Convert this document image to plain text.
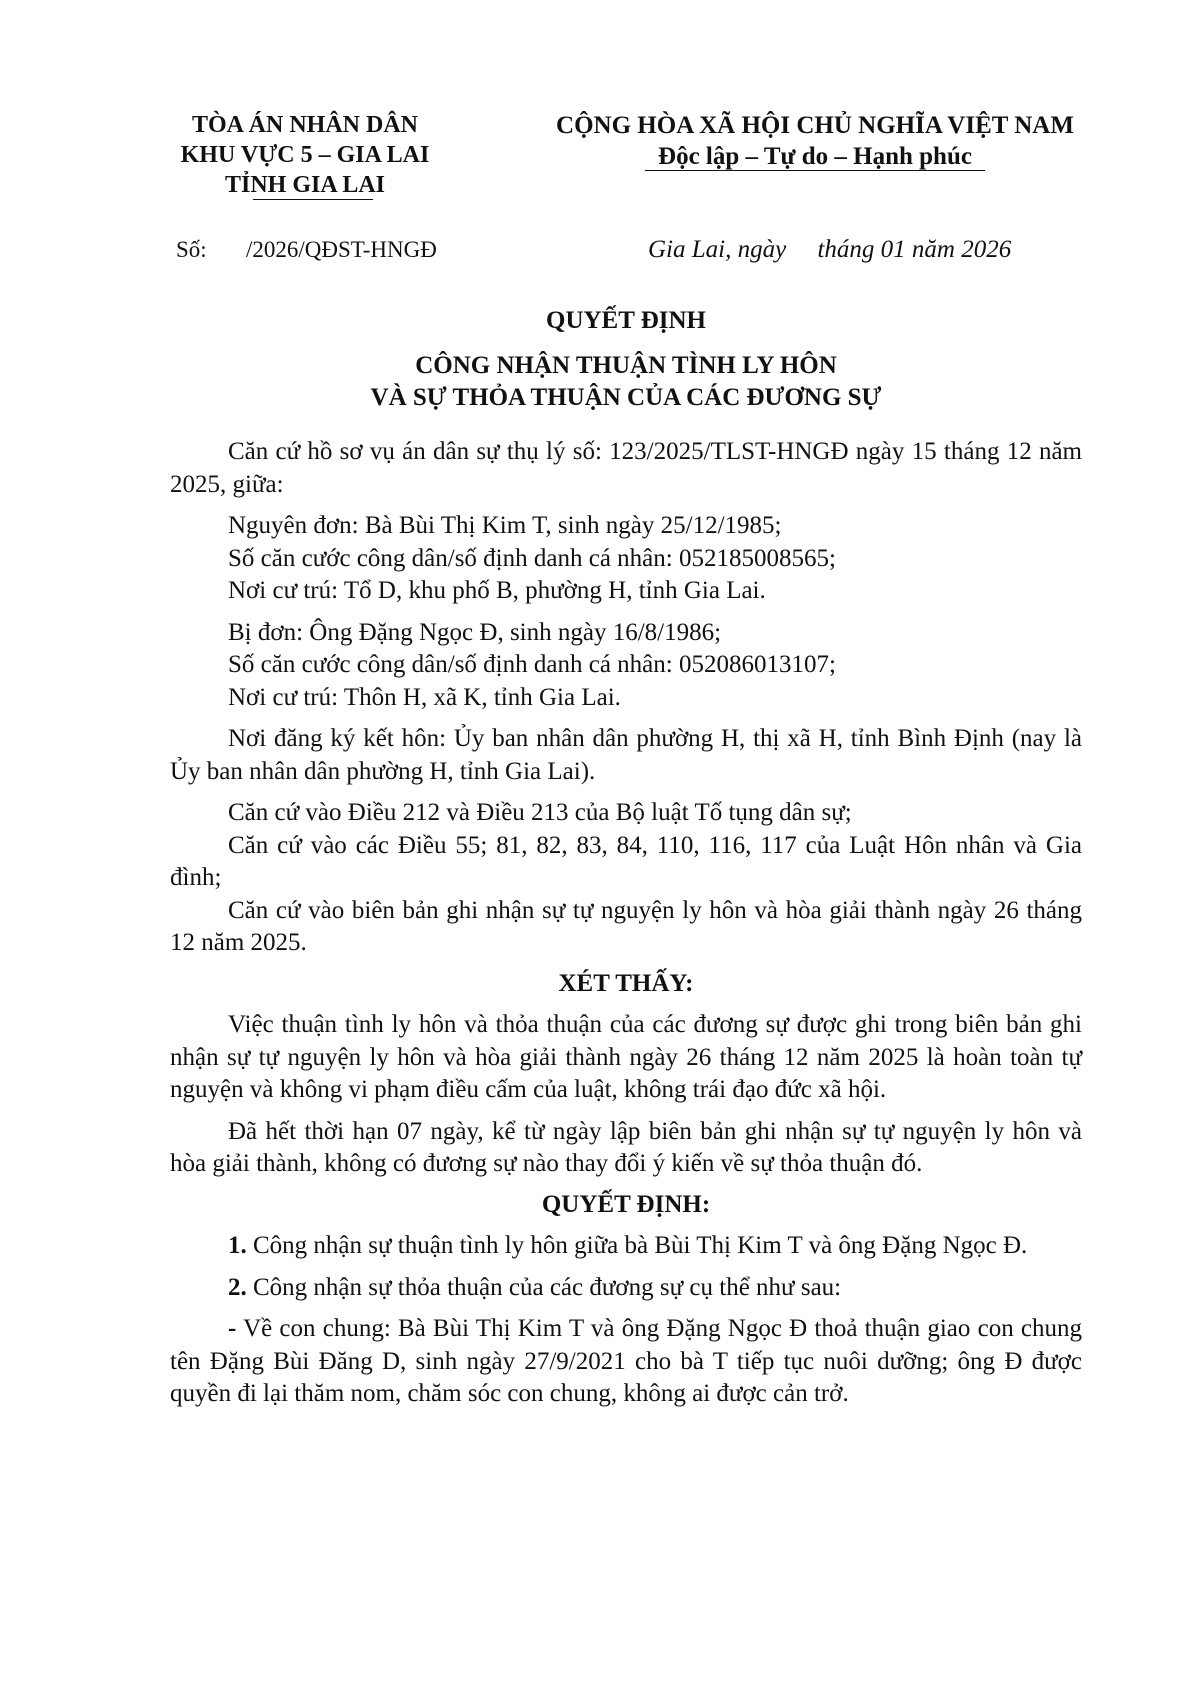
TÒA ÁN NHÂN DÂN
KHU VỰC 5 – GIA LAI
TỈNH GIA LAI
CỘNG HÒA XÃ HỘI CHỦ NGHĨA VIỆT NAM
Độc lập – Tự do – Hạnh phúc
Số: /2026/QĐST-HNGĐ	Gia Lai, ngày     tháng 01 năm 2026
QUYẾT ĐỊNH
CÔNG NHẬN THUẬN TÌNH LY HÔN
VÀ SỰ THỎA THUẬN CỦA CÁC ĐƯƠNG SỰ

Căn cứ hồ sơ vụ án dân sự thụ lý số: 123/2025/TLST-HNGĐ ngày 15 tháng 12 năm 2025, giữa:

Nguyên đơn: Bà Bùi Thị Kim T, sinh ngày 25/12/1985;

Số căn cước công dân/số định danh cá nhân: 052185008565;

Nơi cư trú: Tổ D, khu phố B, phường H, tỉnh Gia Lai.

Bị đơn: Ông Đặng Ngọc Đ, sinh ngày 16/8/1986;

Số căn cước công dân/số định danh cá nhân: 052086013107;

Nơi cư trú: Thôn H, xã K, tỉnh Gia Lai.

Nơi đăng ký kết hôn: Ủy ban nhân dân phường H, thị xã H, tỉnh Bình Định (nay là Ủy ban nhân dân phường H, tỉnh Gia Lai).

Căn cứ vào Điều 212 và Điều 213 của Bộ luật Tố tụng dân sự;

Căn cứ vào các Điều 55; 81, 82, 83, 84, 110, 116, 117 của Luật Hôn nhân và Gia đình;

Căn cứ vào biên bản ghi nhận sự tự nguyện ly hôn và hòa giải thành ngày 26 tháng 12 năm 2025.

XÉT THẤY:

Việc thuận tình ly hôn và thỏa thuận của các đương sự được ghi trong biên bản ghi nhận sự tự nguyện ly hôn và hòa giải thành ngày 26 tháng 12 năm 2025 là hoàn toàn tự nguyện và không vi phạm điều cấm của luật, không trái đạo đức xã hội.

Đã hết thời hạn 07 ngày, kể từ ngày lập biên bản ghi nhận sự tự nguyện ly hôn và hòa giải thành, không có đương sự nào thay đổi ý kiến về sự thỏa thuận đó.

QUYẾT ĐỊNH:

1. Công nhận sự thuận tình ly hôn giữa bà Bùi Thị Kim T và ông Đặng Ngọc Đ.

2. Công nhận sự thỏa thuận của các đương sự cụ thể như sau:

- Về con chung: Bà Bùi Thị Kim T và ông Đặng Ngọc Đ thoả thuận giao con chung tên Đặng Bùi Đăng D, sinh ngày 27/9/2021 cho bà T tiếp tục nuôi dưỡng; ông Đ được quyền đi lại thăm nom, chăm sóc con chung, không ai được cản trở.
